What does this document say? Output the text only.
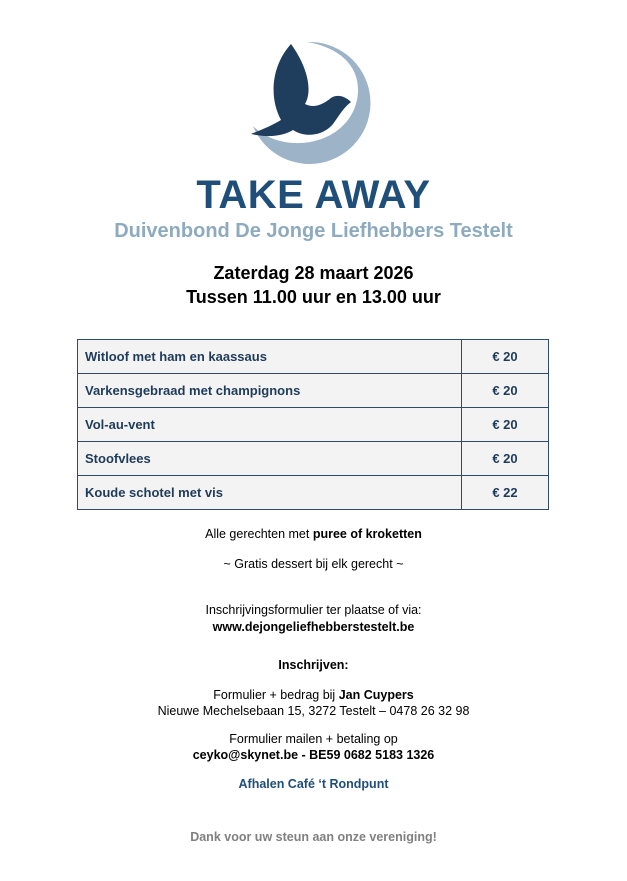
TAKE AWAY
Duivenbond De Jonge Liefhebbers Testelt
Zaterdag 28 maart 2026
Tussen 11.00 uur en 13.00 uur
Witloof met ham en kaassaus	€ 20
Varkensgebraad met champignons	€ 20
Vol-au-vent	€ 20
Stoofvlees	€ 20
Koude schotel met vis	€ 22
Alle gerechten met puree of kroketten
~ Gratis dessert bij elk gerecht ~
Inschrijvingsformulier ter plaatse of via:
www.dejongeliefhebberstestelt.be
Inschrijven:
Formulier + bedrag bij Jan Cuypers
Nieuwe Mechelsebaan 15, 3272 Testelt – 0478 26 32 98
Formulier mailen + betaling op
ceyko@skynet.be - BE59 0682 5183 1326
Afhalen Café ‘t Rondpunt
Dank voor uw steun aan onze vereniging!
